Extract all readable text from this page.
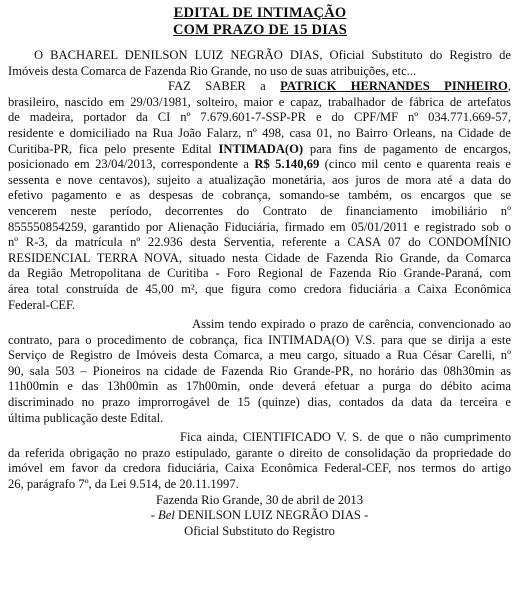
EDITAL DE INTIMAÇÃO
COM PRAZO DE 15 DIAS
O BACHAREL DENILSON LUIZ NEGRÃO DIAS, Oficial Substituto do Registro de
Imóveis desta Comarca de Fazenda Rio Grande, no uso de suas atribuições, etc...
FAZ SABER a PATRICK HERNANDES PINHEIRO,
brasileiro, nascido em 29/03/1981, solteiro, maior e capaz, trabalhador de fábrica de artefatos
de madeira, portador da CI nº 7.679.601-7-SSP-PR e do CPF/MF nº 034.771.669-57,
residente e domiciliado na Rua João Falarz, nº 498, casa 01, no Bairro Orleans, na Cidade de
Curitiba-PR, fica pelo presente Edital INTIMADA(O) para fins de pagamento de encargos,
posicionado em 23/04/2013, correspondente a R$ 5.140,69 (cinco mil cento e quarenta reais e
sessenta e nove centavos), sujeito a atualização monetária, aos juros de mora até a data do
efetivo pagamento e as despesas de cobrança, somando-se também, os encargos que se
vencerem neste período, decorrentes do Contrato de financiamento imobiliário nº
855550854259, garantido por Alienação Fiduciária, firmado em 05/01/2011 e registrado sob o
nº R-3, da matrícula nº 22.936 desta Serventia, referente a CASA 07 do CONDOMÍNIO
RESIDENCIAL TERRA NOVA, situado nesta Cidade de Fazenda Rio Grande, da Comarca
da Região Metropolitana de Curitiba - Foro Regional de Fazenda Rio Grande-Paraná, com
área total construída de 45,00 m², que figura como credora fiduciária a Caixa Econômica
Federal-CEF.
Assim tendo expirado o prazo de carência, convencionado ao
contrato, para o procedimento de cobrança, fica INTIMADA(O) V.S. para que se dirija a este
Serviço de Registro de Imóveis desta Comarca, a meu cargo, situado a Rua César Carelli, nº
90, sala 503 – Pioneiros na cidade de Fazenda Rio Grande-PR, no horário das 08h30min as
11h00min e das 13h00min as 17h00min, onde deverá efetuar a purga do débito acima
discriminado no prazo improrrogável de 15 (quinze) dias, contados da data da terceira e
última publicação deste Edital.
Fica ainda, CIENTIFICADO V. S. de que o não cumprimento
da referida obrigação no prazo estipulado, garante o direito de consolidação da propriedade do
imóvel em favor da credora fiduciária, Caixa Econômica Federal-CEF, nos termos do artigo
26, parágrafo 7º, da Lei 9.514, de 20.11.1997.
Fazenda Rio Grande, 30 de abril de 2013
- Bel DENILSON LUIZ NEGRÃO DIAS -
Oficial Substituto do Registro
